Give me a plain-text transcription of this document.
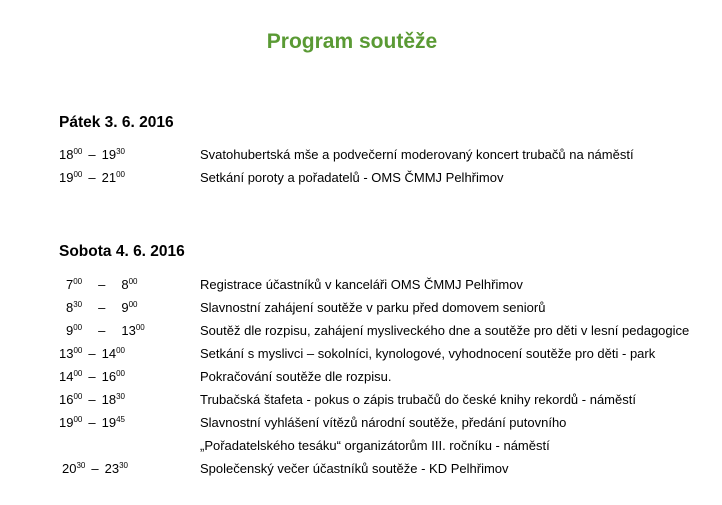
Program soutěže
Pátek 3. 6. 2016
$18^{00} - 19^{30}$	Svatohubertská mše a podvečerní moderovaný koncert trubačů na náměstí
$19^{00} - 21^{00}$	Setkání poroty a pořadatelů - OMS ČMMJ Pelhřimov
Sobota 4. 6. 2016
$7^{00} - 8^{00}$	Registrace účastníků v kanceláři OMS ČMMJ Pelhřimov
$8^{30} - 9^{00}$	Slavnostní zahájení soutěže v parku před domovem seniorů
$9^{00} - 13^{00}$	Soutěž dle rozpisu, zahájení mysliveckého dne a soutěže pro děti v lesní pedagogice
$13^{00} - 14^{00}$	Setkání s myslivci – sokolníci, kynologové, vyhodnocení soutěže pro děti - park
$14^{00} - 16^{00}$	Pokračování soutěže dle rozpisu.
$16^{00} - 18^{30}$	Trubačská štafeta - pokus o zápis trubačů do české knihy rekordů - náměstí
$19^{00} - 19^{45}$	Slavnostní vyhlášení vítězů národní soutěže, předání putovního
„Pořadatelského tesáku“ organizátorům III. ročníku - náměstí
$20^{30} - 23^{30}$	Společenský večer účastníků soutěže - KD Pelhřimov
